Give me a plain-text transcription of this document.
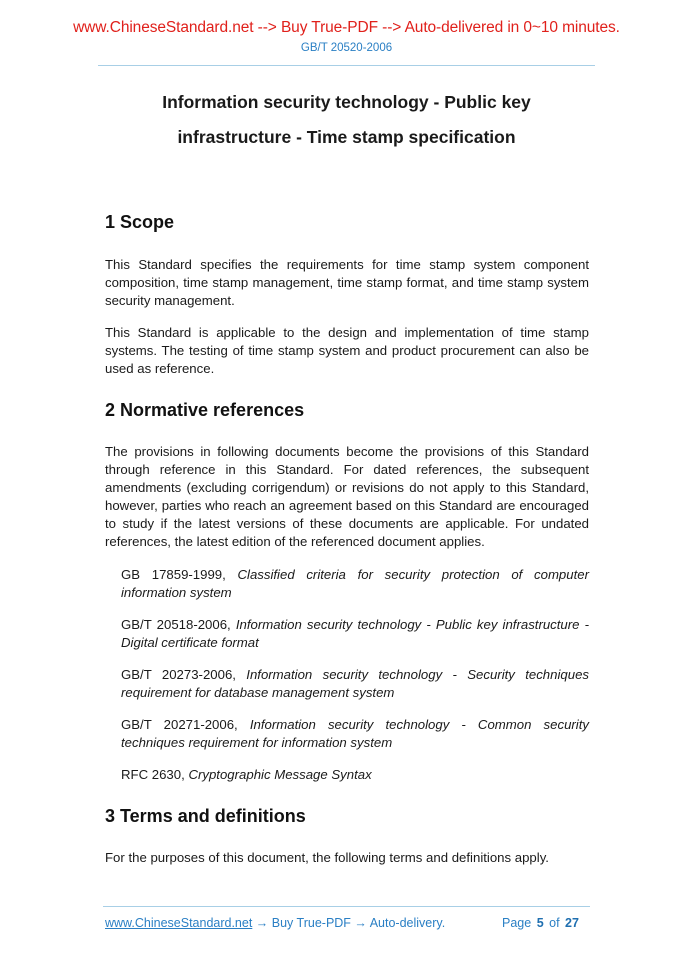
www.ChineseStandard.net --> Buy True-PDF --> Auto-delivered in 0~10 minutes.
GB/T 20520-2006
Information security technology - Public key
infrastructure - Time stamp specification
1 Scope
This Standard specifies the requirements for time stamp system component composition, time stamp management, time stamp format, and time stamp system security management.
This Standard is applicable to the design and implementation of time stamp systems. The testing of time stamp system and product procurement can also be used as reference.
2 Normative references
The provisions in following documents become the provisions of this Standard through reference in this Standard. For dated references, the subsequent amendments (excluding corrigendum) or revisions do not apply to this Standard, however, parties who reach an agreement based on this Standard are encouraged to study if the latest versions of these documents are applicable. For undated references, the latest edition of the referenced document applies.
GB 17859-1999, Classified criteria for security protection of computer information system
GB/T 20518-2006, Information security technology - Public key infrastructure - Digital certificate format
GB/T 20273-2006, Information security technology - Security techniques requirement for database management system
GB/T 20271-2006, Information security technology - Common security techniques requirement for information system
RFC 2630, Cryptographic Message Syntax
3 Terms and definitions
For the purposes of this document, the following terms and definitions apply.
www.ChineseStandard.net → Buy True-PDF → Auto-delivery.	Page 5 of 27
